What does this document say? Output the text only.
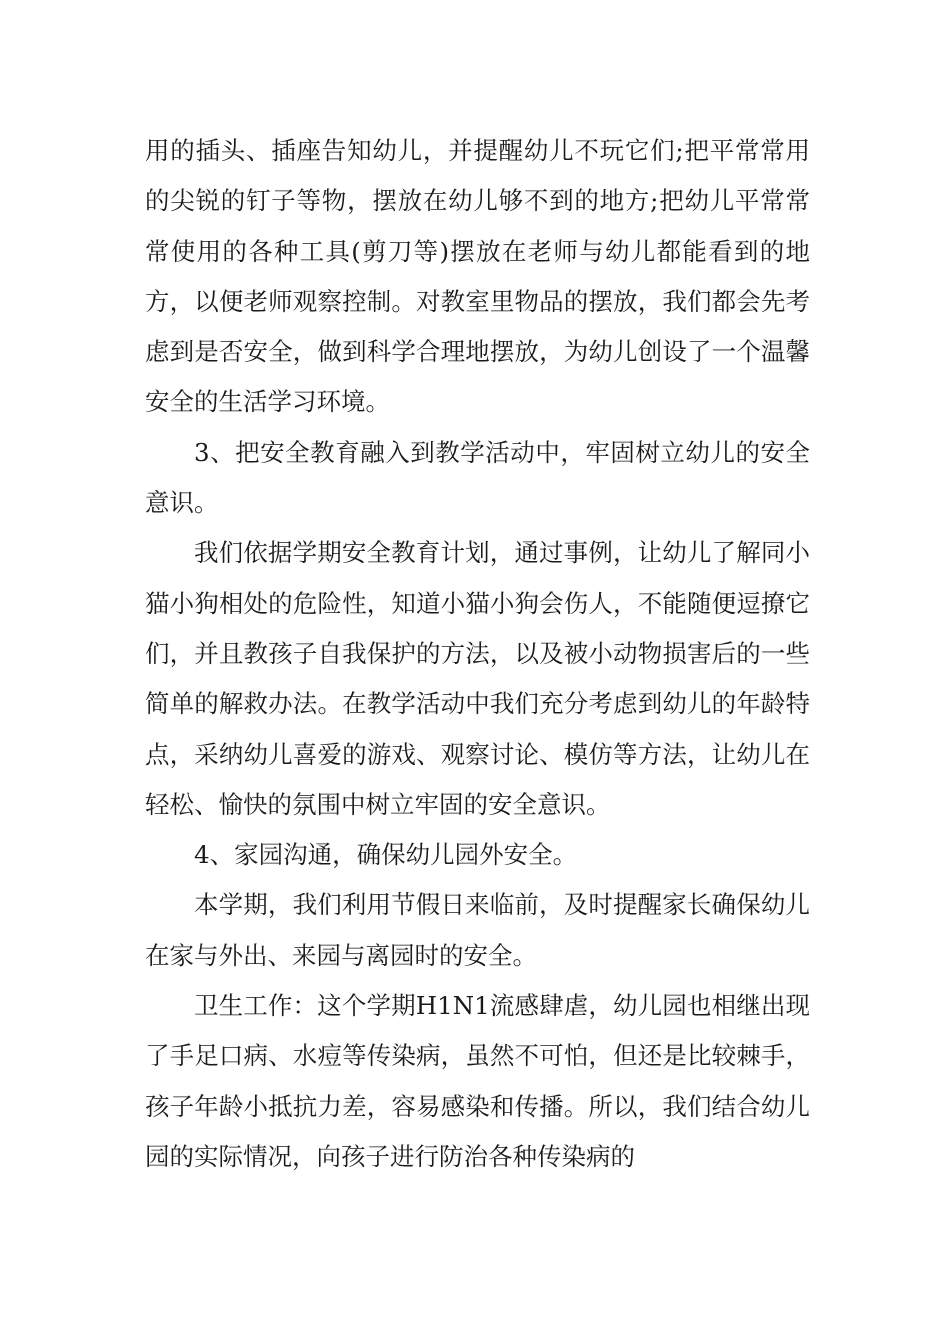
用的插头、插座告知幼儿，并提醒幼儿不玩它们;把平常常用的尖锐的钉子等物，摆放在幼儿够不到的地方;把幼儿平常常常使用的各种工具(剪刀等)摆放在老师与幼儿都能看到的地方，以便老师观察控制。对教室里物品的摆放，我们都会先考虑到是否安全，做到科学合理地摆放，为幼儿创设了一个温馨安全的生活学习环境。

3、把安全教育融入到教学活动中，牢固树立幼儿的安全意识。

我们依据学期安全教育计划，通过事例，让幼儿了解同小猫小狗相处的危险性，知道小猫小狗会伤人，不能随便逗撩它们，并且教孩子自我保护的方法，以及被小动物损害后的一些简单的解救办法。在教学活动中我们充分考虑到幼儿的年龄特点，采纳幼儿喜爱的游戏、观察讨论、模仿等方法，让幼儿在轻松、愉快的氛围中树立牢固的安全意识。

4、家园沟通，确保幼儿园外安全。

本学期，我们利用节假日来临前，及时提醒家长确保幼儿在家与外出、来园与离园时的安全。

卫生工作：这个学期H1N1流感肆虐，幼儿园也相继出现了手足口病、水痘等传染病，虽然不可怕，但还是比较棘手，孩子年龄小抵抗力差，容易感染和传播。所以，我们结合幼儿园的实际情况，向孩子进行防治各种传染病的
